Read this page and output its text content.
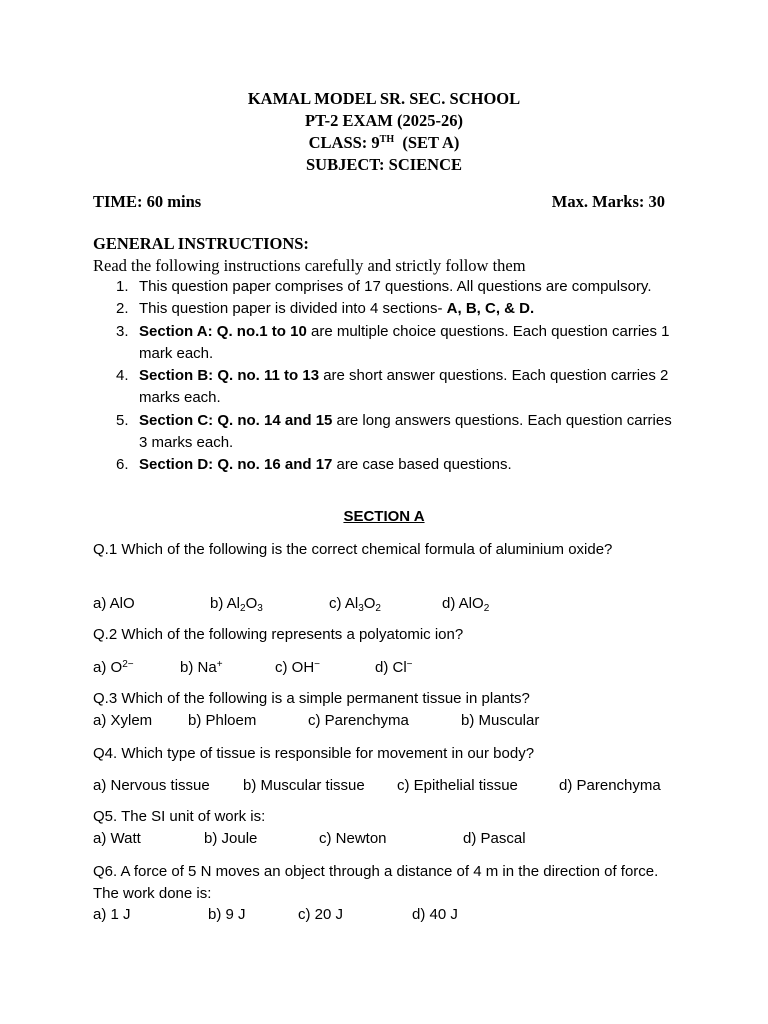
KAMAL MODEL SR. SEC. SCHOOL
PT-2 EXAM (2025-26)
CLASS: 9TH  (SET A)
SUBJECT: SCIENCE
TIME: 60 mins	Max. Marks: 30
GENERAL INSTRUCTIONS:
Read the following instructions carefully and strictly follow them
1. This question paper comprises of 17 questions. All questions are compulsory.
2. This question paper is divided into 4 sections- A, B, C, & D.
3. Section A: Q. no.1 to 10 are multiple choice questions. Each question carries 1 mark each.
4. Section B: Q. no. 11 to 13 are short answer questions. Each question carries 2 marks each.
5. Section C: Q. no. 14 and 15 are long answers questions. Each question carries 3 marks each.
6. Section D: Q. no. 16 and 17 are case based questions.
SECTION A
Q.1 Which of the following is the correct chemical formula of aluminium oxide?
a) AlO	b) $Al_2O_3$	c) $Al_3O_2$	d) AlO$_2$
Q.2 Which of the following represents a polyatomic ion?
a) $O^{2-}$	b) Na+	c) OH−	d) Cl−
Q.3 Which of the following is a simple permanent tissue in plants?
a) Xylem b) Phloem	c) Parenchyma	b) Muscular
Q4. Which type of tissue is responsible for movement in our body?
a) Nervous tissue b) Muscular tissue c) Epithelial tissue	d) Parenchyma
Q5. The SI unit of work is:
a) Watt	b) Joule	c) Newton	d) Pascal
Q6. A force of 5 N moves an object through a distance of 4 m in the direction of force. The work done is:
a) 1 J	b) 9 J	c) 20 J	d) 40 J
